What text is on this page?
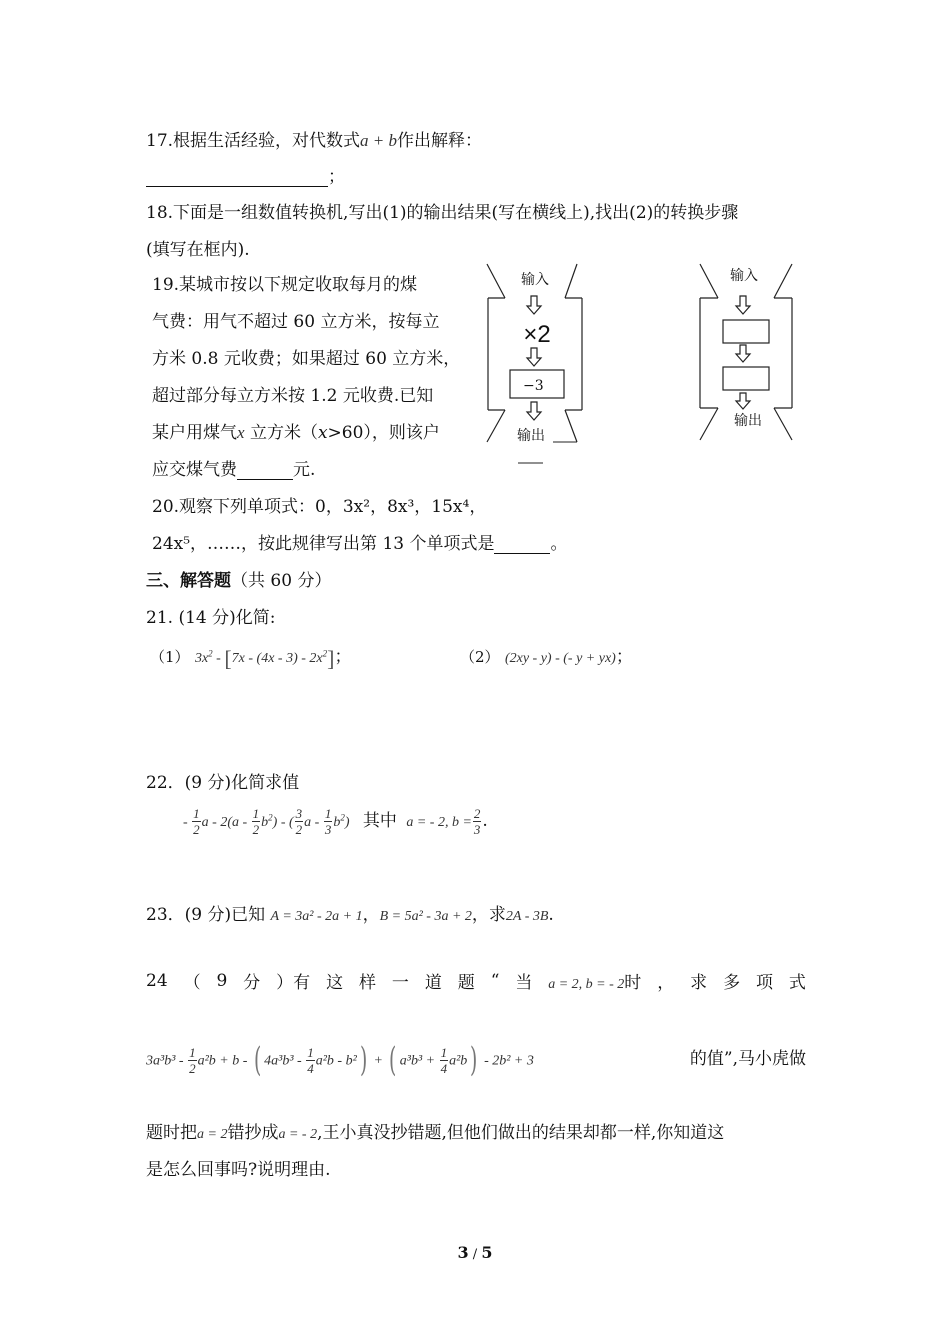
17.根据生活经验，对代数式a + b作出解释：
；
18.下面是一组数值转换机,写出(1)的输出结果(写在横线上),找出(2)的转换步骤
(填写在框内).
19.某城市按以下规定收取每月的煤
气费：用气不超过 60 立方米，按每立
方米 0.8 元收费；如果超过 60 立方米，
超过部分每立方米按 1.2 元收费.已知
某户用煤气x 立方米（x>60），则该户
应交煤气费	元.
输入
×2
−3
输出
输入
输出
20.观察下列单项式：0，3x²，8x³，15x⁴，
24x⁵，……，按此规律写出第 13 个单项式是	。
三、解答题（共 60 分）
21. (14 分)化简:
（1） $3x^2 - [7x - (4x - 3) - 2x^2]$；	（2） (2xy - y) - (- y + yx)；
22．(9 分)化简求值
- $\frac{1}{2}$ a - $2(a - \frac{1}{2} b^2)$ - ( $\frac{3}{2}$ a - $\frac{1}{3} b^2$) 其中 a = - 2, $b = \frac{2}{3}$ .
23．(9 分)已知 A = 3a² - 2a + 1，B = 5a² - 3a + 2，求2A - 3B.
24 （ 9 分 ）有 这 样 一 道 题 “ 当 a = 2, b = - 2时 ， 求 多 项 式
$3a^3b^3 - \frac{1}{2} a^2b + b$ - ( $4a^3b^3 - \frac{1}{4} a^2b - b^2$) + ( $a^3b^3 + \frac{1}{4} a^2b) - 2b^2 + 3$	的值”,马小虎做
题时把a = 2错抄成a = - 2,王小真没抄错题,但他们做出的结果却都一样,你知道这
是怎么回事吗?说明理由.
3 / 5
